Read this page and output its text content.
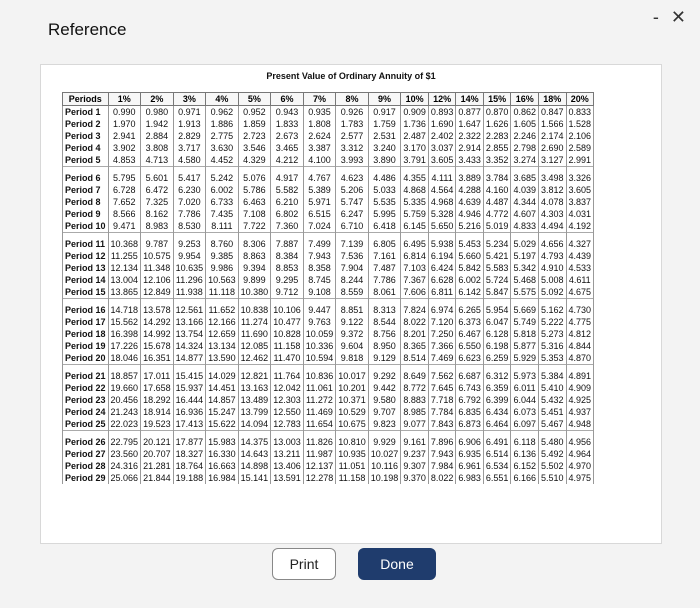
Reference
- ✕
Present Value of Ordinary Annuity of $1
Periods	1%	2%	3%	4%	5%	6%	7%	8%	9%	10%	12%	14%	15%	16%	18%	20%
Period 1	0.990	0.980	0.971	0.962	0.952	0.943	0.935	0.926	0.917	0.909	0.893	0.877	0.870	0.862	0.847	0.833
Period 2	1.970	1.942	1.913	1.886	1.859	1.833	1.808	1.783	1.759	1.736	1.690	1.647	1.626	1.605	1.566	1.528
Period 3	2.941	2.884	2.829	2.775	2.723	2.673	2.624	2.577	2.531	2.487	2.402	2.322	2.283	2.246	2.174	2.106
Period 4	3.902	3.808	3.717	3.630	3.546	3.465	3.387	3.312	3.240	3.170	3.037	2.914	2.855	2.798	2.690	2.589
Period 5	4.853	4.713	4.580	4.452	4.329	4.212	4.100	3.993	3.890	3.791	3.605	3.433	3.352	3.274	3.127	2.991
Period 6	5.795	5.601	5.417	5.242	5.076	4.917	4.767	4.623	4.486	4.355	4.111	3.889	3.784	3.685	3.498	3.326
Period 7	6.728	6.472	6.230	6.002	5.786	5.582	5.389	5.206	5.033	4.868	4.564	4.288	4.160	4.039	3.812	3.605
Period 8	7.652	7.325	7.020	6.733	6.463	6.210	5.971	5.747	5.535	5.335	4.968	4.639	4.487	4.344	4.078	3.837
Period 9	8.566	8.162	7.786	7.435	7.108	6.802	6.515	6.247	5.995	5.759	5.328	4.946	4.772	4.607	4.303	4.031
Period 10	9.471	8.983	8.530	8.111	7.722	7.360	7.024	6.710	6.418	6.145	5.650	5.216	5.019	4.833	4.494	4.192
Period 11	10.368	9.787	9.253	8.760	8.306	7.887	7.499	7.139	6.805	6.495	5.938	5.453	5.234	5.029	4.656	4.327
Period 12	11.255	10.575	9.954	9.385	8.863	8.384	7.943	7.536	7.161	6.814	6.194	5.660	5.421	5.197	4.793	4.439
Period 13	12.134	11.348	10.635	9.986	9.394	8.853	8.358	7.904	7.487	7.103	6.424	5.842	5.583	5.342	4.910	4.533
Period 14	13.004	12.106	11.296	10.563	9.899	9.295	8.745	8.244	7.786	7.367	6.628	6.002	5.724	5.468	5.008	4.611
Period 15	13.865	12.849	11.938	11.118	10.380	9.712	9.108	8.559	8.061	7.606	6.811	6.142	5.847	5.575	5.092	4.675
Period 16	14.718	13.578	12.561	11.652	10.838	10.106	9.447	8.851	8.313	7.824	6.974	6.265	5.954	5.669	5.162	4.730
Period 17	15.562	14.292	13.166	12.166	11.274	10.477	9.763	9.122	8.544	8.022	7.120	6.373	6.047	5.749	5.222	4.775
Period 18	16.398	14.992	13.754	12.659	11.690	10.828	10.059	9.372	8.756	8.201	7.250	6.467	6.128	5.818	5.273	4.812
Period 19	17.226	15.678	14.324	13.134	12.085	11.158	10.336	9.604	8.950	8.365	7.366	6.550	6.198	5.877	5.316	4.844
Period 20	18.046	16.351	14.877	13.590	12.462	11.470	10.594	9.818	9.129	8.514	7.469	6.623	6.259	5.929	5.353	4.870
Period 21	18.857	17.011	15.415	14.029	12.821	11.764	10.836	10.017	9.292	8.649	7.562	6.687	6.312	5.973	5.384	4.891
Period 22	19.660	17.658	15.937	14.451	13.163	12.042	11.061	10.201	9.442	8.772	7.645	6.743	6.359	6.011	5.410	4.909
Period 23	20.456	18.292	16.444	14.857	13.489	12.303	11.272	10.371	9.580	8.883	7.718	6.792	6.399	6.044	5.432	4.925
Period 24	21.243	18.914	16.936	15.247	13.799	12.550	11.469	10.529	9.707	8.985	7.784	6.835	6.434	6.073	5.451	4.937
Period 25	22.023	19.523	17.413	15.622	14.094	12.783	11.654	10.675	9.823	9.077	7.843	6.873	6.464	6.097	5.467	4.948
Period 26	22.795	20.121	17.877	15.983	14.375	13.003	11.826	10.810	9.929	9.161	7.896	6.906	6.491	6.118	5.480	4.956
Period 27	23.560	20.707	18.327	16.330	14.643	13.211	11.987	10.935	10.027	9.237	7.943	6.935	6.514	6.136	5.492	4.964
Period 28	24.316	21.281	18.764	16.663	14.898	13.406	12.137	11.051	10.116	9.307	7.984	6.961	6.534	6.152	5.502	4.970
Period 29	25.066	21.844	19.188	16.984	15.141	13.591	12.278	11.158	10.198	9.370	8.022	6.983	6.551	6.166	5.510	4.975
Print	Done
